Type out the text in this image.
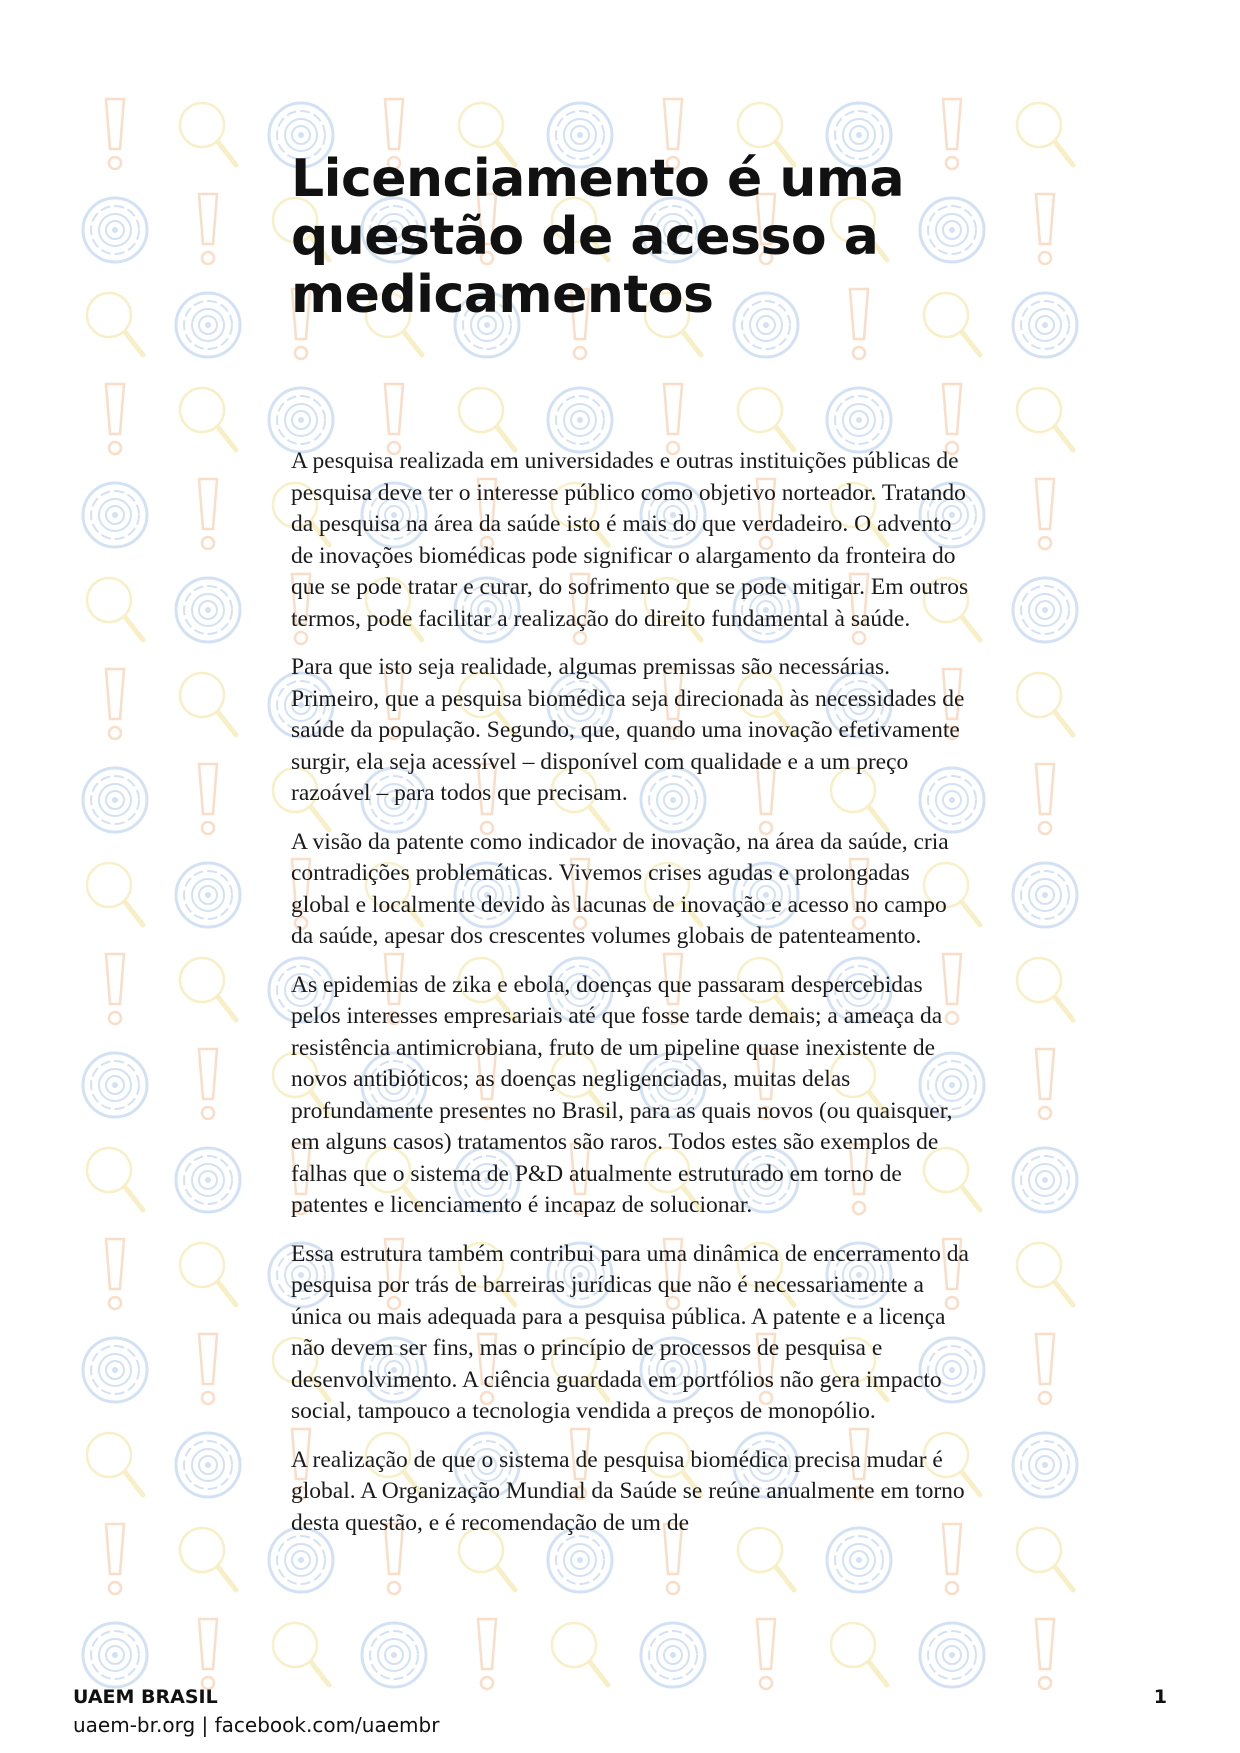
Licenciamento é uma questão de acesso a medicamentos

A pesquisa realizada em universidades e outras instituições públicas de pesquisa deve ter o interesse público como objetivo norteador. Tratando da pesquisa na área da saúde isto é mais do que verdadeiro. O advento de inovações biomédicas pode significar o alargamento da fronteira do que se pode tratar e curar, do sofrimento que se pode mitigar. Em outros termos, pode facilitar a realização do direito fundamental à saúde.

Para que isto seja realidade, algumas premissas são necessárias. Primeiro, que a pesquisa biomédica seja direcionada às necessidades de saúde da população. Segundo, que, quando uma inovação efetivamente surgir, ela seja acessível – disponível com qualidade e a um preço razoável – para todos que precisam.

A visão da patente como indicador de inovação, na área da saúde, cria contradições problemáticas. Vivemos crises agudas e prolongadas global e localmente devido às lacunas de inovação e acesso no campo da saúde, apesar dos crescentes volumes globais de patenteamento.

As epidemias de zika e ebola, doenças que passaram despercebidas pelos interesses empresariais até que fosse tarde demais; a ameaça da resistência antimicrobiana, fruto de um pipeline quase inexistente de novos antibióticos; as doenças negligenciadas, muitas delas profundamente presentes no Brasil, para as quais novos (ou quaisquer, em alguns casos) tratamentos são raros. Todos estes são exemplos de falhas que o sistema de P&D atualmente estruturado em torno de patentes e licenciamento é incapaz de solucionar.

Essa estrutura também contribui para uma dinâmica de encerramento da pesquisa por trás de barreiras jurídicas que não é necessariamente a única ou mais adequada para a pesquisa pública. A patente e a licença não devem ser fins, mas o princípio de processos de pesquisa e desenvolvimento. A ciência guardada em portfólios não gera impacto social, tampouco a tecnologia vendida a preços de monopólio.

A realização de que o sistema de pesquisa biomédica precisa mudar é global. A Organização Mundial da Saúde se reúne anualmente em torno desta questão, e é recomendação de um de

UAEM BRASIL
uaem-br.org | facebook.com/uaembr
1
